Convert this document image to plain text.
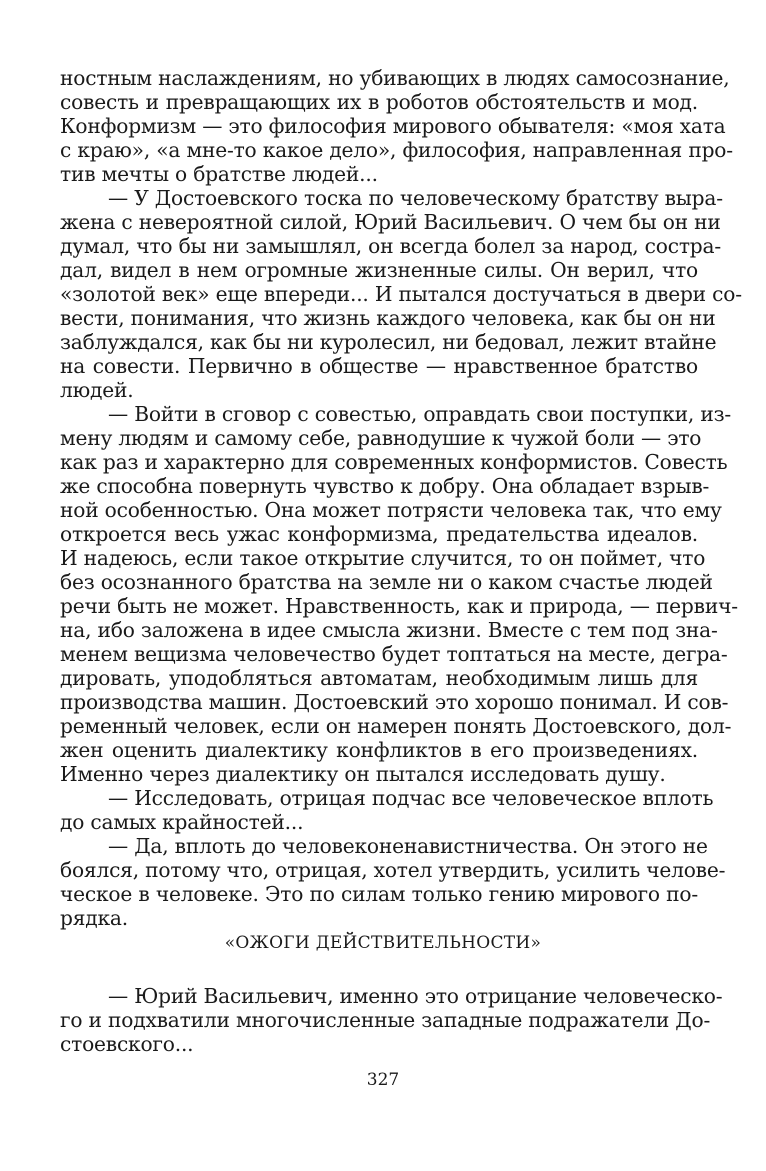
ностным наслаждениям, но убивающих в людях самосознание,
совесть и превращающих их в роботов обстоятельств и мод.
Конформизм — это философия мирового обывателя: «моя хата
с краю», «а мне-то какое дело», философия, направленная про-
тив мечты о братстве людей...
— У Достоевского тоска по человеческому братству выра-
жена с невероятной силой, Юрий Васильевич. О чем бы он ни
думал, что бы ни замышлял, он всегда болел за народ, состра-
дал, видел в нем огромные жизненные силы. Он верил, что
«золотой век» еще впереди... И пытался достучаться в двери со-
вести, понимания, что жизнь каждого человека, как бы он ни
заблуждался, как бы ни куролесил, ни бедовал, лежит втайне
на совести. Первично в обществе — нравственное братство
людей.
— Войти в сговор с совестью, оправдать свои поступки, из-
мену людям и самому себе, равнодушие к чужой боли — это
как раз и характерно для современных конформистов. Совесть
же способна повернуть чувство к добру. Она обладает взрыв-
ной особенностью. Она может потрясти человека так, что ему
откроется весь ужас конформизма, предательства идеалов.
И надеюсь, если такое открытие случится, то он поймет, что
без осознанного братства на земле ни о каком счастье людей
речи быть не может. Нравственность, как и природа, — первич-
на, ибо заложена в идее смысла жизни. Вместе с тем под зна-
менем вещизма человечество будет топтаться на месте, дегра-
дировать, уподобляться автоматам, необходимым лишь для
производства машин. Достоевский это хорошо понимал. И сов-
ременный человек, если он намерен понять Достоевского, дол-
жен оценить диалектику конфликтов в его произведениях.
Именно через диалектику он пытался исследовать душу.
— Исследовать, отрицая подчас все человеческое вплоть
до самых крайностей...
— Да, вплоть до человеконенавистничества. Он этого не
боялся, потому что, отрицая, хотел утвердить, усилить челове-
ческое в человеке. Это по силам только гению мирового по-
рядка.
«ОЖОГИ ДЕЙСТВИТЕЛЬНОСТИ»
— Юрий Васильевич, именно это отрицание человеческо-
го и подхватили многочисленные западные подражатели До-
стоевского...
327
